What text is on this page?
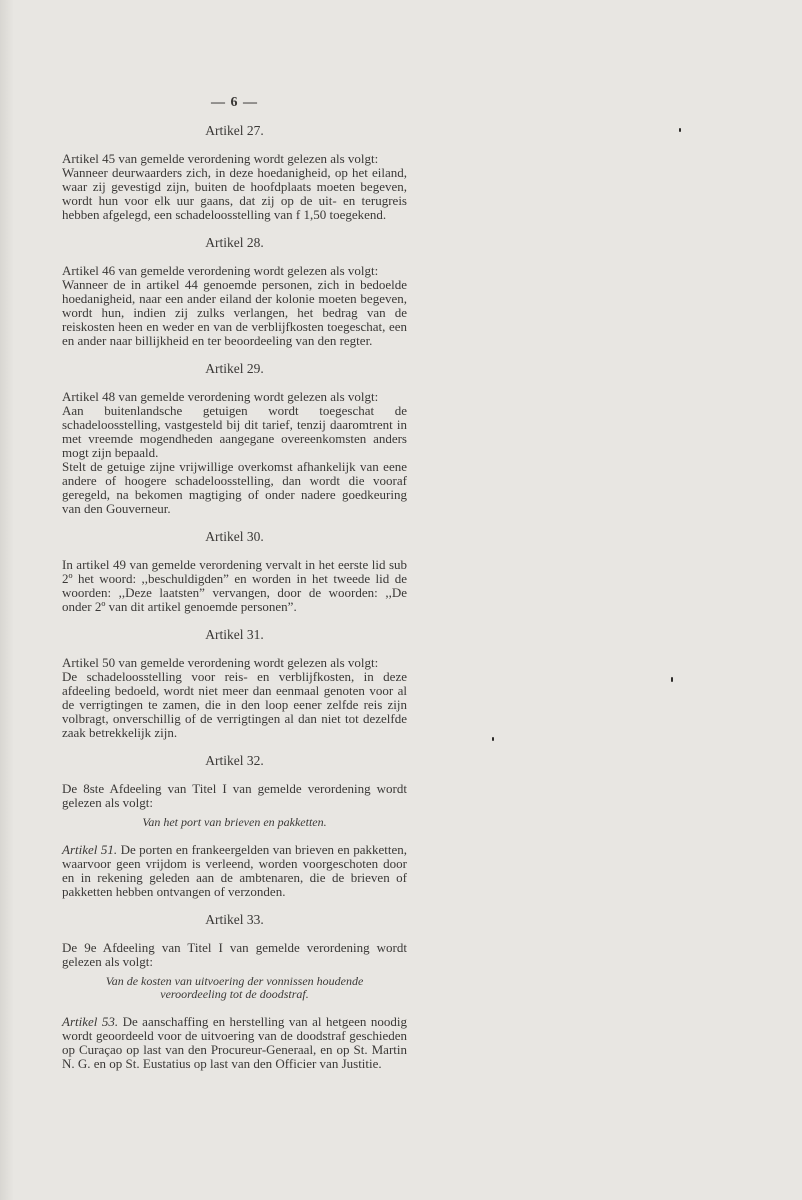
— 6 —
Artikel 27.

Artikel 45 van gemelde verordening wordt gelezen als volgt:

Wanneer deurwaarders zich, in deze hoedanigheid, op het eiland, waar zij gevestigd zijn, buiten de hoofdplaats moeten begeven, wordt hun voor elk uur gaans, dat zij op de uit- en terugreis hebben afgelegd, een schadeloosstelling van f 1,50 toegekend.

Artikel 28.

Artikel 46 van gemelde verordening wordt gelezen als volgt:

Wanneer de in artikel 44 genoemde personen, zich in bedoelde hoedanigheid, naar een ander eiland der kolonie moeten begeven, wordt hun, indien zij zulks verlangen, het bedrag van de reiskosten heen en weder en van de verblijfkosten toegeschat, een en ander naar billijkheid en ter beoordeeling van den regter.

Artikel 29.

Artikel 48 van gemelde verordening wordt gelezen als volgt:

Aan buitenlandsche getuigen wordt toegeschat de schadeloosstelling, vastgesteld bij dit tarief, tenzij daaromtrent in met vreemde mogendheden aangegane overeenkomsten anders mogt zijn bepaald.

Stelt de getuige zijne vrijwillige overkomst afhankelijk van eene andere of hoogere schadeloosstelling, dan wordt die vooraf geregeld, na bekomen magtiging of onder nadere goedkeuring van den Gouverneur.

Artikel 30.

In artikel 49 van gemelde verordening vervalt in het eerste lid sub 2º het woord: ,,beschuldigden” en worden in het tweede lid de woorden: ,,Deze laatsten” vervangen, door de woorden: ,,De onder 2º van dit artikel genoemde personen”.

Artikel 31.

Artikel 50 van gemelde verordening wordt gelezen als volgt:

De schadeloosstelling voor reis- en verblijfkosten, in deze afdeeling bedoeld, wordt niet meer dan eenmaal genoten voor al de verrigtingen te zamen, die in den loop eener zelfde reis zijn volbragt, onverschillig of de verrigtingen al dan niet tot dezelfde zaak betrekkelijk zijn.

Artikel 32.

De 8ste Afdeeling van Titel I van gemelde verordening wordt gelezen als volgt:

Van het port van brieven en pakketten.

Artikel 51. De porten en frankeergelden van brieven en pakketten, waarvoor geen vrijdom is verleend, worden voorgeschoten door en in rekening geleden aan de ambtenaren, die de brieven of pakketten hebben ontvangen of verzonden.

Artikel 33.

De 9e Afdeeling van Titel I van gemelde verordening wordt gelezen als volgt:

Van de kosten van uitvoering der vonnissen houdende
veroordeeling tot de doodstraf.

Artikel 53. De aanschaffing en herstelling van al hetgeen noodig wordt geoordeeld voor de uitvoering van de doodstraf geschieden op Curaçao op last van den Procureur-Generaal, en op St. Martin N. G. en op St. Eustatius op last van den Officier van Justitie.
